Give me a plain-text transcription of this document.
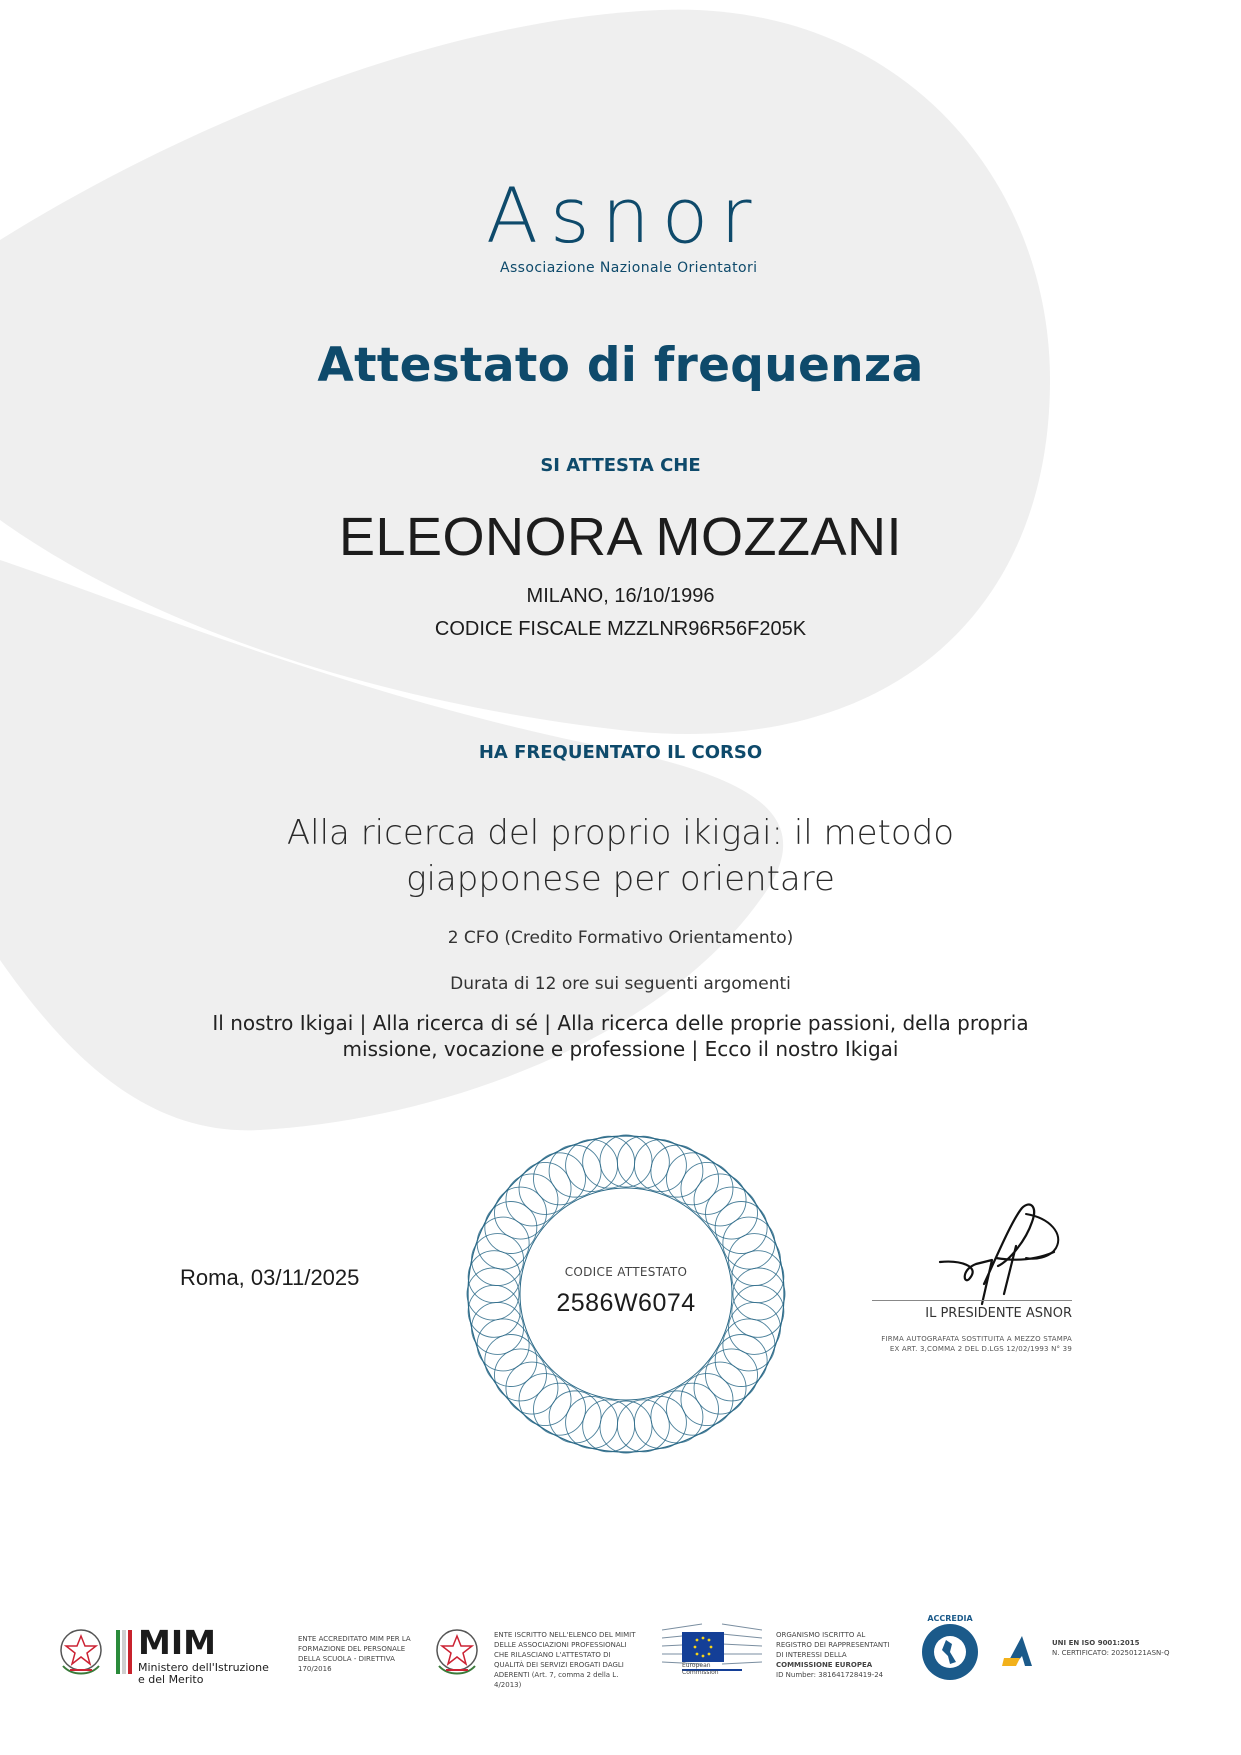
Asnor
Associazione Nazionale Orientatori
Attestato di frequenza
SI ATTESTA CHE
ELEONORA MOZZANI
MILANO, 16/10/1996
CODICE FISCALE MZZLNR96R56F205K
HA FREQUENTATO IL CORSO
Alla ricerca del proprio ikigai: il metodo
giapponese per orientare
2 CFO (Credito Formativo Orientamento)
Durata di 12 ore sui seguenti argomenti
Il nostro Ikigai | Alla ricerca di sé | Alla ricerca delle proprie passioni, della propria
missione, vocazione e professione | Ecco il nostro Ikigai
Roma, 03/11/2025	CODICE ATTESTATO
2586W6074	IL PRESIDENTE ASNOR
FIRMA AUTOGRAFATA SOSTITUITA A MEZZO STAMPA
EX ART. 3,COMMA 2 DEL D.LGS 12/02/1993 N° 39
MIM
Ministero dell'Istruzione
e del Merito
ENTE ACCREDITATO MIM PER LA
FORMAZIONE DEL PERSONALE
DELLA SCUOLA - DIRETTIVA
170/2016
ENTE ISCRITTO NELL'ELENCO DEL MIMIT
DELLE ASSOCIAZIONI PROFESSIONALI
CHE RILASCIANO L'ATTESTATO DI
QUALITÀ DEI SERVIZI EROGATI DAGLI
ADERENTI (Art. 7, comma 2 della L. 4/2013)
European
Commission
ORGANISMO ISCRITTO AL
REGISTRO DEI RAPPRESENTANTI
DI INTERESSI DELLA
COMMISSIONE EUROPEA
ID Number: 381641728419-24
ACCREDIA
UNI EN ISO 9001:2015
N. CERTIFICATO: 20250121ASN-Q
